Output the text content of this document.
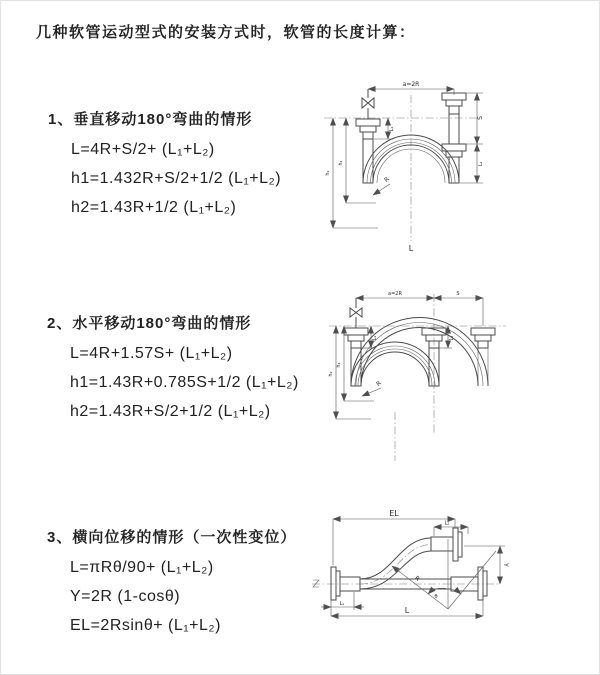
几种软管运动型式的安装方式时，软管的长度计算：
1、垂直移动180°弯曲的情形
L=4R+S/2+ (L₁+L₂)
h1=1.432R+S/2+1/2 (L₁+L₂)
h2=1.43R+1/2 (L₁+L₂)
a=2R
h₂
h₁
L₁
S
L₂
R
L
2、水平移动180°弯曲的情形
L=4R+1.57S+ (L₁+L₂)
h1=1.43R+0.785S+1/2 (L₁+L₂)
h2=1.43R+S/2+1/2 (L₁+L₂)
a=2R	S
h₂
h₁
L₁	L₂
R
3、横向位移的情形（一次性变位）
L=πRθ/90+ (L₁+L₂)
Y=2R (1-cosθ)
EL=2Rsinθ+ (L₁+L₂)
EL
L₂
Y
L
L₁
R
θ
